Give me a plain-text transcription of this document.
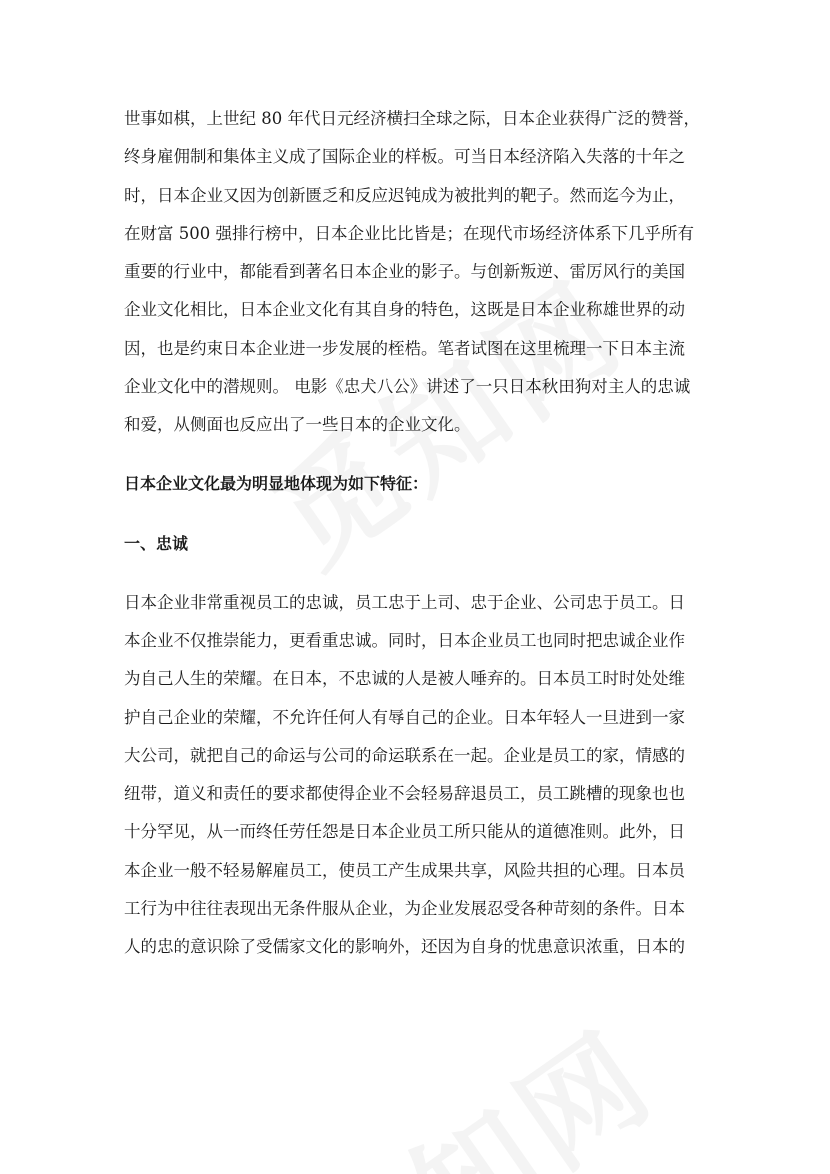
世事如棋，上世纪 80 年代日元经济横扫全球之际，日本企业获得广泛的赞誉，
终身雇佣制和集体主义成了国际企业的样板。可当日本经济陷入失落的十年之
时，日本企业又因为创新匮乏和反应迟钝成为被批判的靶子。然而迄今为止，
在财富 500 强排行榜中，日本企业比比皆是；在现代市场经济体系下几乎所有
重要的行业中，都能看到著名日本企业的影子。与创新叛逆、雷厉风行的美国
企业文化相比，日本企业文化有其自身的特色，这既是日本企业称雄世界的动
因，也是约束日本企业进一步发展的桎梏。笔者试图在这里梳理一下日本主流
企业文化中的潜规则。 电影《忠犬八公》讲述了一只日本秋田狗对主人的忠诚
和爱，从侧面也反应出了一些日本的企业文化。
日本企业文化最为明显地体现为如下特征：
一、忠诚
日本企业非常重视员工的忠诚，员工忠于上司、忠于企业、公司忠于员工。日
本企业不仅推崇能力，更看重忠诚。同时，日本企业员工也同时把忠诚企业作
为自己人生的荣耀。在日本，不忠诚的人是被人唾弃的。日本员工时时处处维
护自己企业的荣耀，不允许任何人有辱自己的企业。日本年轻人一旦进到一家
大公司，就把自己的命运与公司的命运联系在一起。企业是员工的家，情感的
纽带，道义和责任的要求都使得企业不会轻易辞退员工，员工跳槽的现象也也
十分罕见，从一而终任劳任怨是日本企业员工所只能从的道德准则。此外，日
本企业一般不轻易解雇员工，使员工产生成果共享，风险共担的心理。日本员
工行为中往往表现出无条件服从企业，为企业发展忍受各种苛刻的条件。日本
人的忠的意识除了受儒家文化的影响外，还因为自身的忧患意识浓重，日本的
